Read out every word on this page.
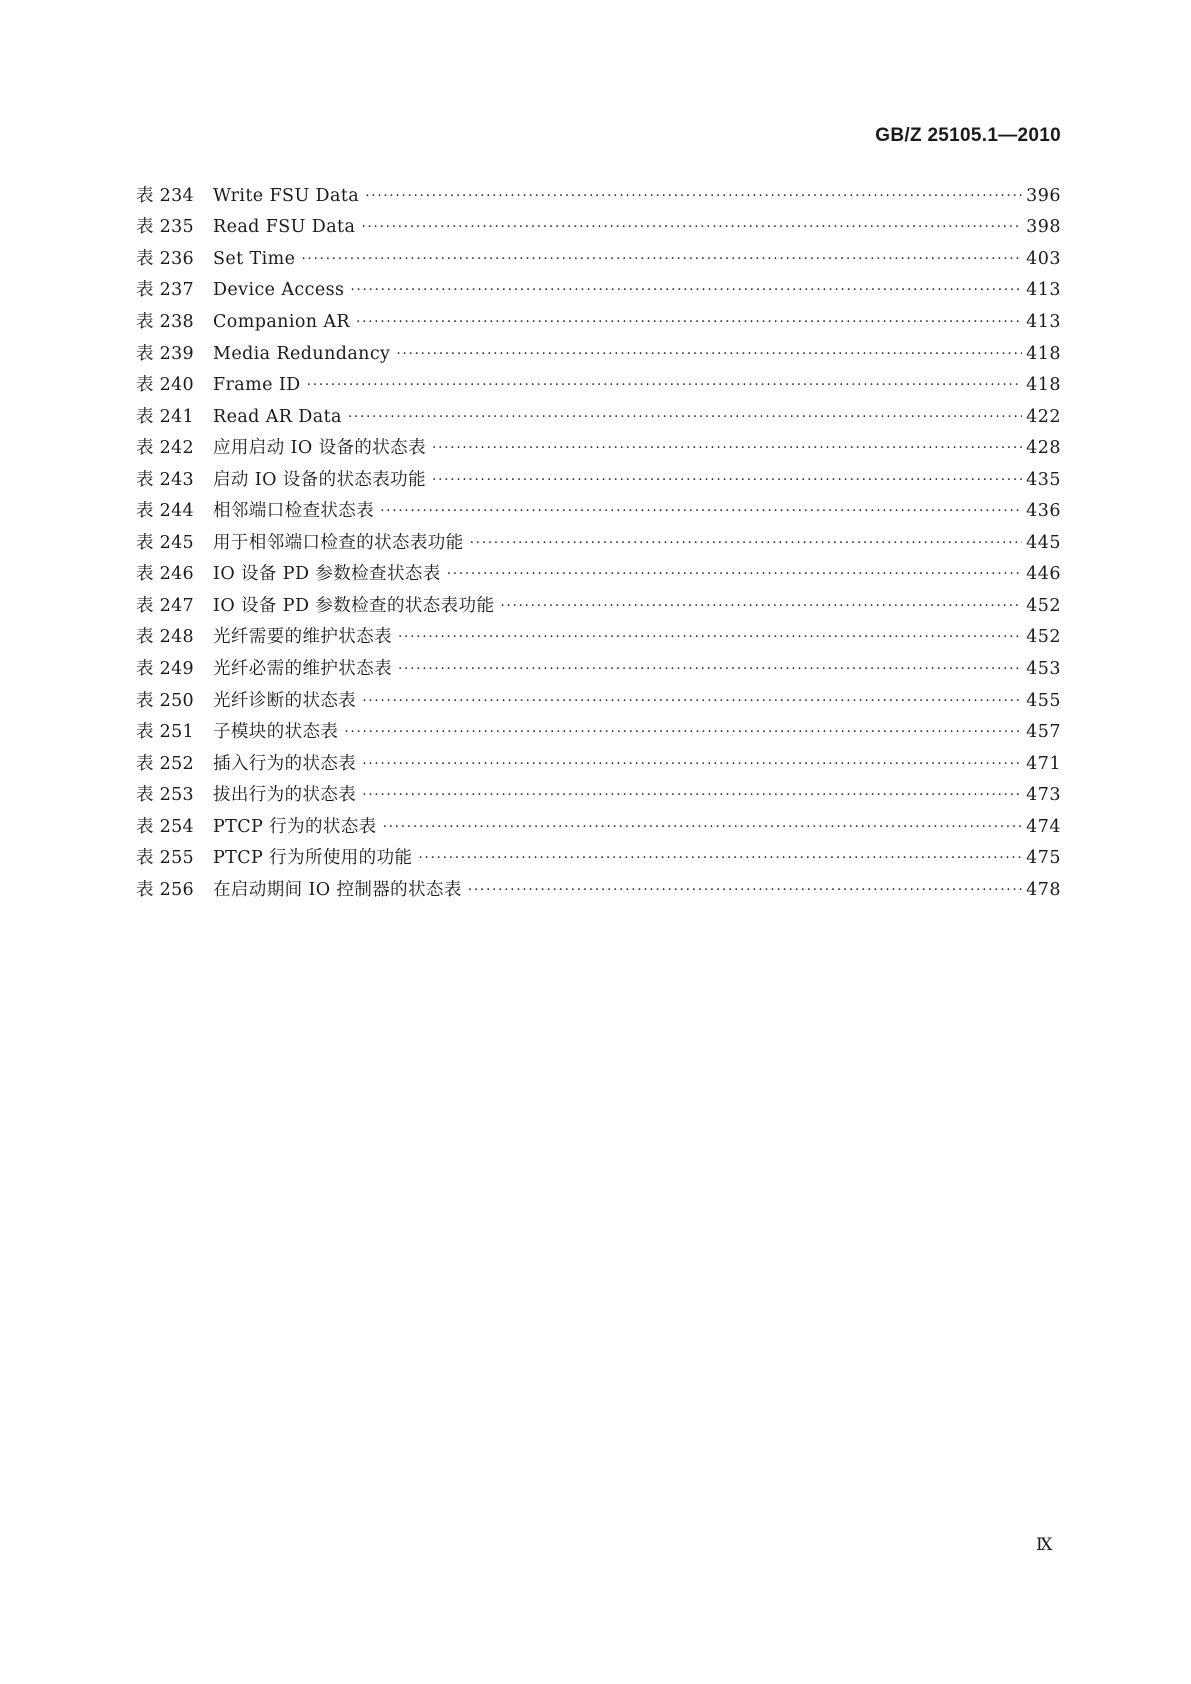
GB/Z 25105.1—2010
表 234	Write FSU Data ·····	396
表 235	Read FSU Data ·····	398
表 236	Set Time ·····	403
表 237	Device Access ·····	413
表 238	Companion AR ·····	413
表 239	Media Redundancy ·····	418
表 240	Frame ID ·····	418
表 241	Read AR Data ·····	422
表 242	应用启动 IO 设备的状态表 ·····	428
表 243	启动 IO 设备的状态表功能 ·····	435
表 244	相邻端口检查状态表 ·····	436
表 245	用于相邻端口检查的状态表功能 ·····	445
表 246	IO 设备 PD 参数检查状态表 ·····	446
表 247	IO 设备 PD 参数检查的状态表功能 ·····	452
表 248	光纤需要的维护状态表 ·····	452
表 249	光纤必需的维护状态表 ·····	453
表 250	光纤诊断的状态表 ·····	455
表 251	子模块的状态表 ·····	457
表 252	插入行为的状态表 ·····	471
表 253	拔出行为的状态表 ·····	473
表 254	PTCP 行为的状态表 ·····	474
表 255	PTCP 行为所使用的功能 ·····	475
表 256	在启动期间 IO 控制器的状态表 ·····	478
Ⅸ
